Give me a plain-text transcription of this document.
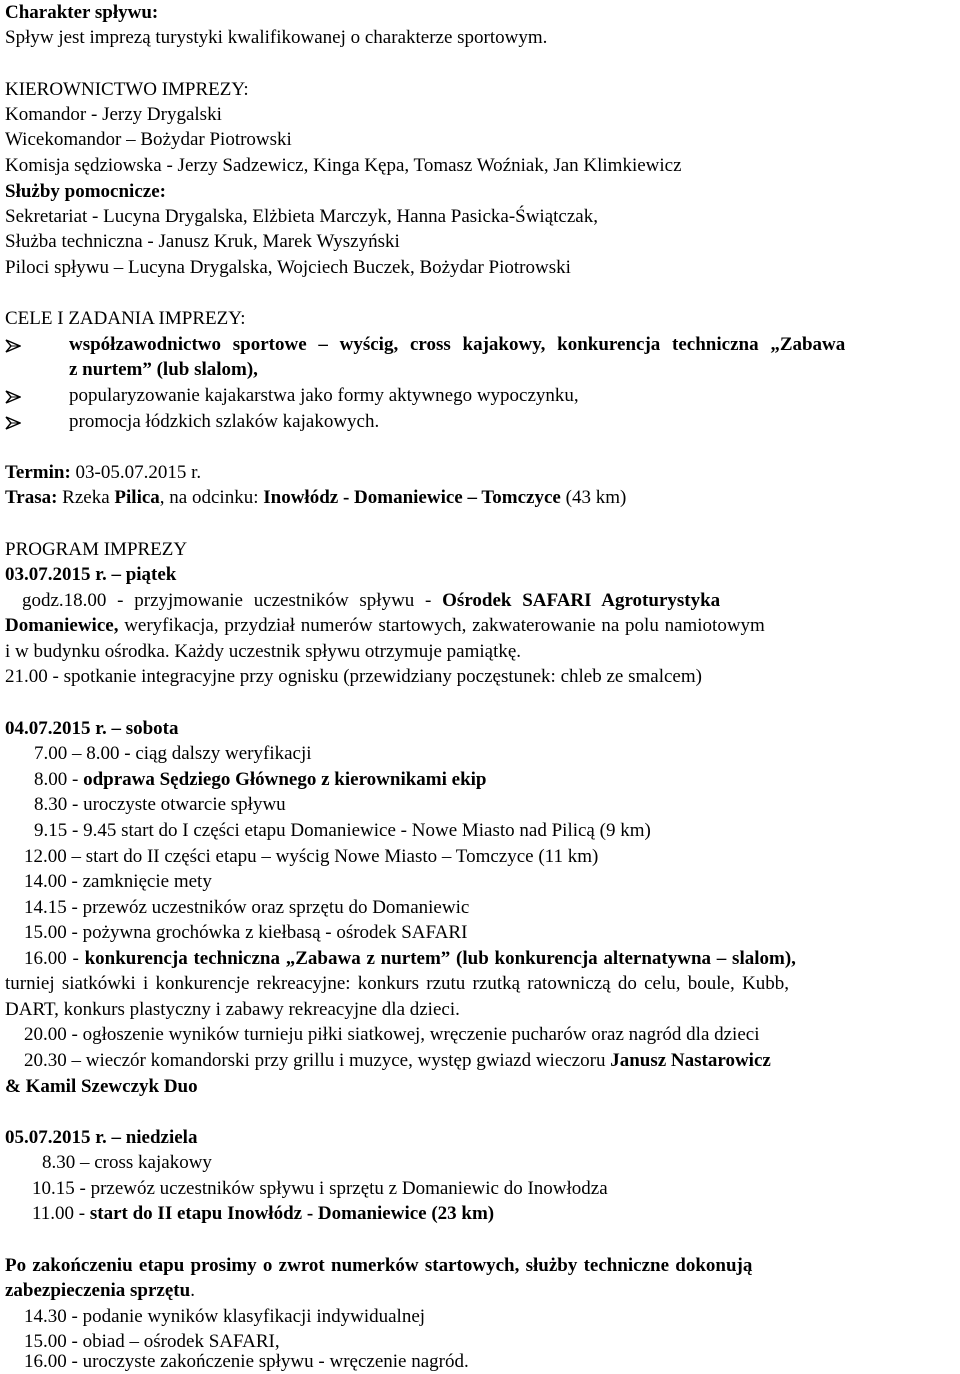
Charakter spływu:
Spływ jest imprezą turystyki kwalifikowanej o charakterze sportowym.
KIEROWNICTWO IMPREZY:
Komandor - Jerzy Drygalski
Wicekomandor – Bożydar Piotrowski
Komisja sędziowska - Jerzy Sadzewicz, Kinga Kępa, Tomasz Woźniak, Jan Klimkiewicz
Służby pomocnicze:
Sekretariat - Lucyna Drygalska, Elżbieta Marczyk, Hanna Pasicka-Świątczak,
Służba techniczna - Janusz Kruk, Marek Wyszyński
Piloci spływu – Lucyna Drygalska, Wojciech Buczek, Bożydar Piotrowski
CELE I ZADANIA IMPREZY:
współzawodnictwo sportowe – wyścig, cross kajakowy, konkurencja techniczna „Zabawa
z nurtem” (lub slalom),
popularyzowanie kajakarstwa jako formy aktywnego wypoczynku,
promocja łódzkich szlaków kajakowych.
Termin: 03-05.07.2015 r.
Trasa: Rzeka Pilica, na odcinku: Inowłódz - Domaniewice – Tomczyce (43 km)
PROGRAM IMPREZY
03.07.2015 r. – piątek
godz.18.00 - przyjmowanie uczestników spływu - Ośrodek SAFARI Agroturystyka
Domaniewice, weryfikacja, przydział numerów startowych, zakwaterowanie na polu namiotowym
i w budynku ośrodka. Każdy uczestnik spływu otrzymuje pamiątkę.
21.00 - spotkanie integracyjne przy ognisku (przewidziany poczęstunek: chleb ze smalcem)
04.07.2015 r. – sobota
7.00 – 8.00 - ciąg dalszy weryfikacji
8.00 - odprawa Sędziego Głównego z kierownikami ekip
8.30 - uroczyste otwarcie spływu
9.15 - 9.45 start do I części etapu Domaniewice - Nowe Miasto nad Pilicą (9 km)
12.00 – start do II części etapu – wyścig Nowe Miasto – Tomczyce (11 km)
14.00 - zamknięcie mety
14.15 - przewóz uczestników oraz sprzętu do Domaniewic
15.00 - pożywna grochówka z kiełbasą - ośrodek SAFARI
16.00 - konkurencja techniczna „Zabawa z nurtem” (lub konkurencja alternatywna – slalom),
turniej siatkówki i konkurencje rekreacyjne: konkurs rzutu rzutką ratowniczą do celu, boule, Kubb,
DART, konkurs plastyczny i zabawy rekreacyjne dla dzieci.
20.00 - ogłoszenie wyników turnieju piłki siatkowej, wręczenie pucharów oraz nagród dla dzieci
20.30 – wieczór komandorski przy grillu i muzyce, występ gwiazd wieczoru Janusz Nastarowicz
& Kamil Szewczyk Duo
05.07.2015 r. – niedziela
8.30 – cross kajakowy
10.15 - przewóz uczestników spływu i sprzętu z Domaniewic do Inowłodza
11.00 - start do II etapu Inowłódz - Domaniewice (23 km)
Po zakończeniu etapu prosimy o zwrot numerków startowych, służby techniczne dokonują
zabezpieczenia sprzętu.
14.30 - podanie wyników klasyfikacji indywidualnej
15.00 - obiad – ośrodek SAFARI,
16.00 - uroczyste zakończenie spływu - wręczenie nagród.
